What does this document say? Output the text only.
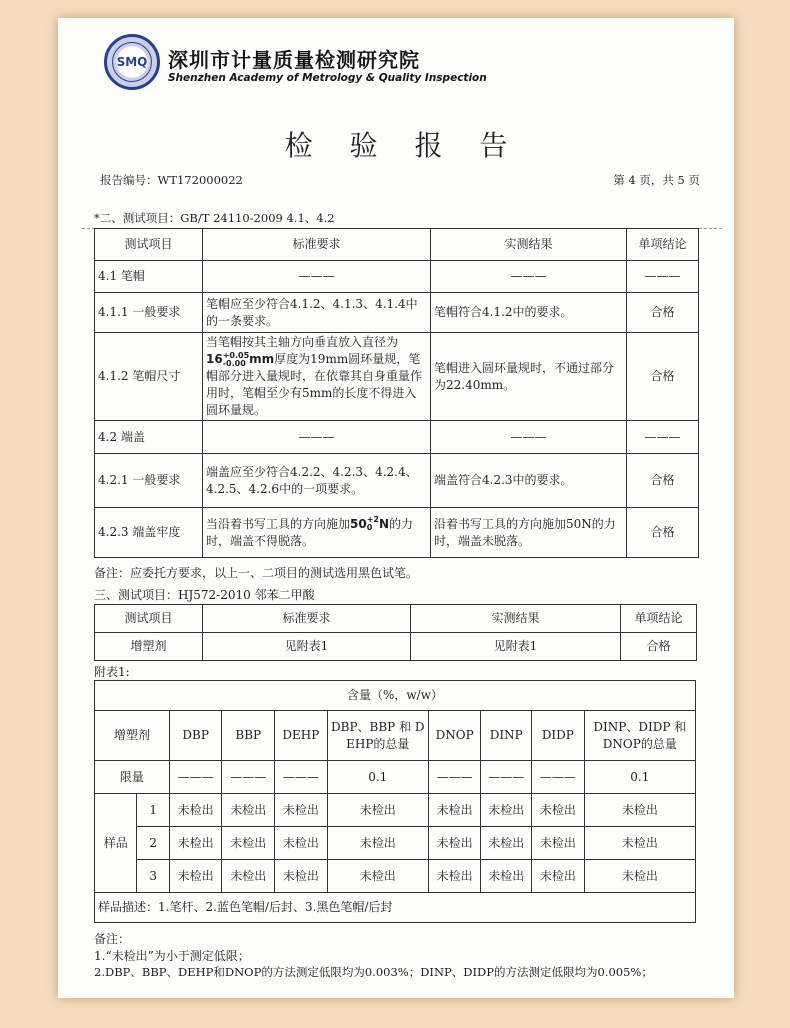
SMQ	深圳市计量质量检测研究院
Shenzhen Academy of Metrology & Quality Inspection
检 验 报 告
报告编号：WT172000022	第 4 页，共 5 页
*二、测试项目：GB/T 24110-2009 4.1、4.2
测试项目	标准要求	实测结果	单项结论
4.1 笔帽	———	———	———
4.1.1 一般要求	笔帽应至少符合4.1.2、4.1.3、4.1.4中的一条要求。	笔帽符合4.1.2中的要求。	合格
4.1.2 笔帽尺寸	当笔帽按其主轴方向垂直放入直径为
16+0.05
-0.00 mm厚度为19mm圆环量规，笔帽部分进入量规时，在依靠其自身重量作用时，笔帽至少有5mm的长度不得进入圆环量规。	笔帽进入圆环量规时，不通过部分为22.40mm。	合格
4.2 端盖	———	———	———
4.2.1 一般要求	端盖应至少符合4.2.2、4.2.3、4.2.4、4.2.5、4.2.6中的一项要求。	端盖符合4.2.3中的要求。	合格
4.2.3 端盖牢度	当沿着书写工具的方向施加50+2
0 N的力时，端盖不得脱落。	沿着书写工具的方向施加50N的力时，端盖未脱落。	合格
备注：应委托方要求，以上一、二项目的测试选用黑色试笔。
三、测试项目：HJ572-2010 邻苯二甲酸
测试项目	标准要求	实测结果	单项结论
增塑剂	见附表1	见附表1	合格
附表1:
含量（%，w/w）									
增塑剂		DBP	BBP	DEHP	DBP、BBP 和 DEHP的总量	DNOP	DINP	DIDP	DINP、DIDP 和 DNOP的总量
限量		———	———	———	0.1	———	———	———	0.1
样品	1	未检出	未检出	未检出	未检出	未检出	未检出	未检出	未检出
	2	未检出	未检出	未检出	未检出	未检出	未检出	未检出	未检出
	3	未检出	未检出	未检出	未检出	未检出	未检出	未检出	未检出
样品描述：1.笔杆、2.蓝色笔帽/后封、3.黑色笔帽/后封									
备注：
1.“未检出”为小于测定低限；
2.DBP、BBP、DEHP和DNOP的方法测定低限均为0.003%；DINP、DIDP的方法测定低限均为0.005%；
